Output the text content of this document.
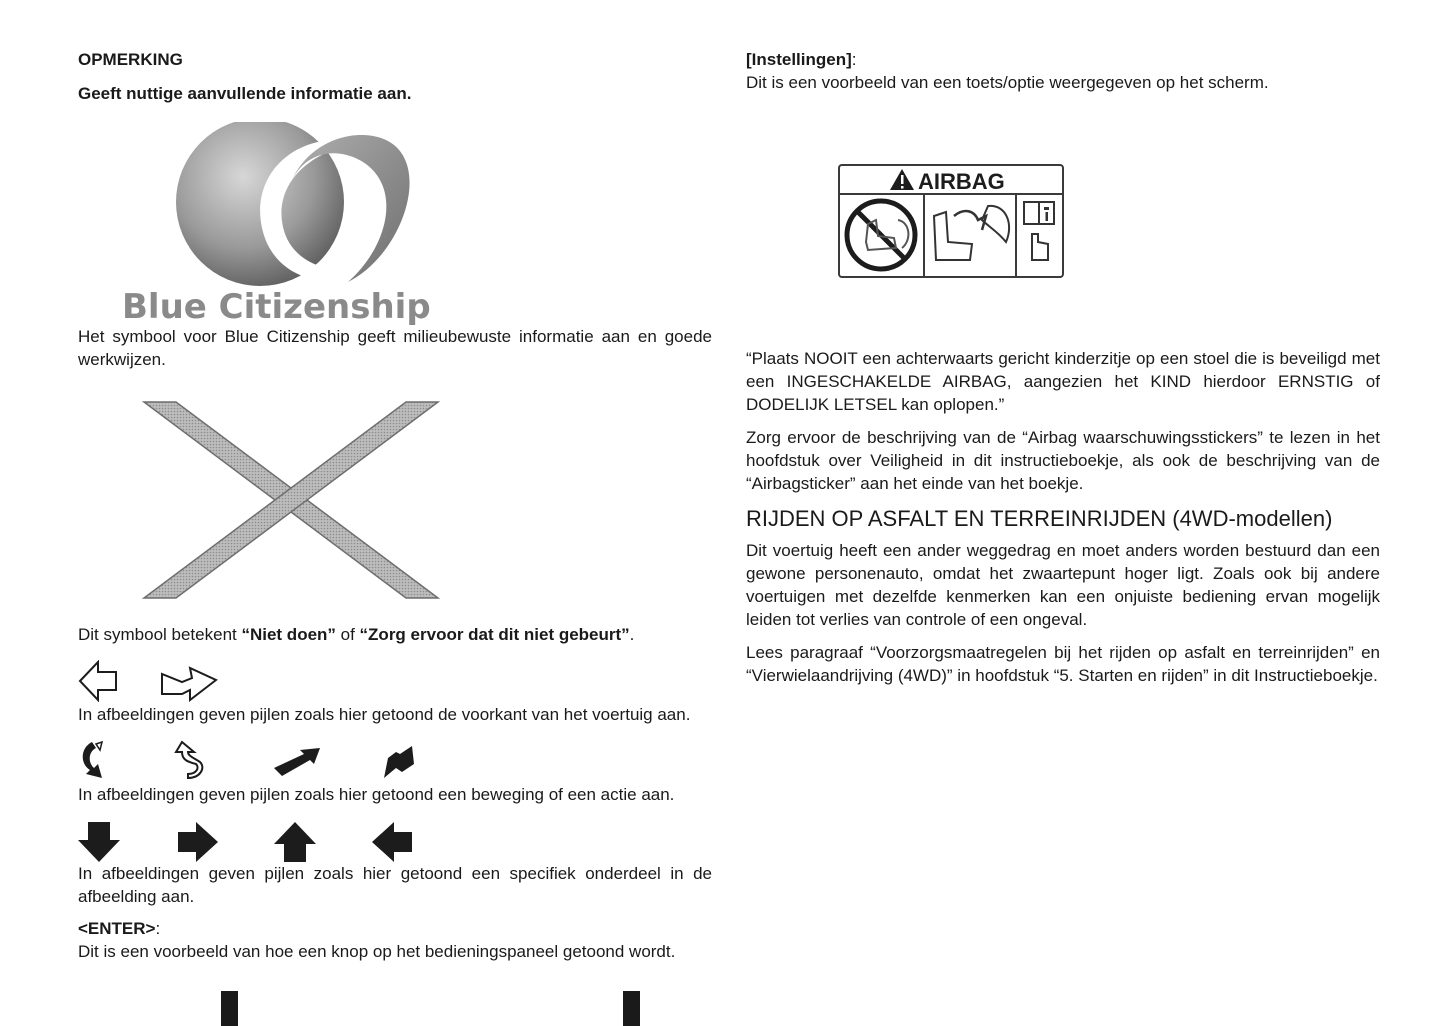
OPMERKING

Geeft nuttige aanvullende informatie aan.

Blue Citizenship

Het symbool voor Blue Citizenship geeft milieubewuste informatie aan en goede werkwijzen.

Dit symbool betekent “Niet doen” of “Zorg ervoor dat dit niet gebeurt”.

In afbeeldingen geven pijlen zoals hier getoond de voorkant van het voertuig aan.

In afbeeldingen geven pijlen zoals hier getoond een beweging of een actie aan.

In afbeeldingen geven pijlen zoals hier getoond een specifiek onderdeel in de afbeelding aan.

<ENTER>:

Dit is een voorbeeld van hoe een knop op het bedieningspaneel getoond wordt.

[Instellingen]:

Dit is een voorbeeld van een toets/optie weergegeven op het scherm.

AIRBAG

“Plaats NOOIT een achterwaarts gericht kinderzitje op een stoel die is beveiligd met een INGESCHAKELDE AIRBAG, aangezien het KIND hierdoor ERNSTIG of DODELIJK LETSEL kan oplopen.”

Zorg ervoor de beschrijving van de “Airbag waarschuwingsstickers” te lezen in het hoofdstuk over Veiligheid in dit instructieboekje, als ook de beschrijving van de “Airbagsticker” aan het einde van het boekje.

RIJDEN OP ASFALT EN TERREINRIJDEN (4WD-modellen)

Dit voertuig heeft een ander weggedrag en moet anders worden bestuurd dan een gewone personenauto, omdat het zwaartepunt hoger ligt. Zoals ook bij andere voertuigen met dezelfde kenmerken kan een onjuiste bediening ervan mogelijk leiden tot verlies van controle of een ongeval.

Lees paragraaf “Voorzorgsmaatregelen bij het rijden op asfalt en terreinrijden” en “Vierwielaandrijving (4WD)” in hoofdstuk “5. Starten en rijden” in dit Instructieboekje.
